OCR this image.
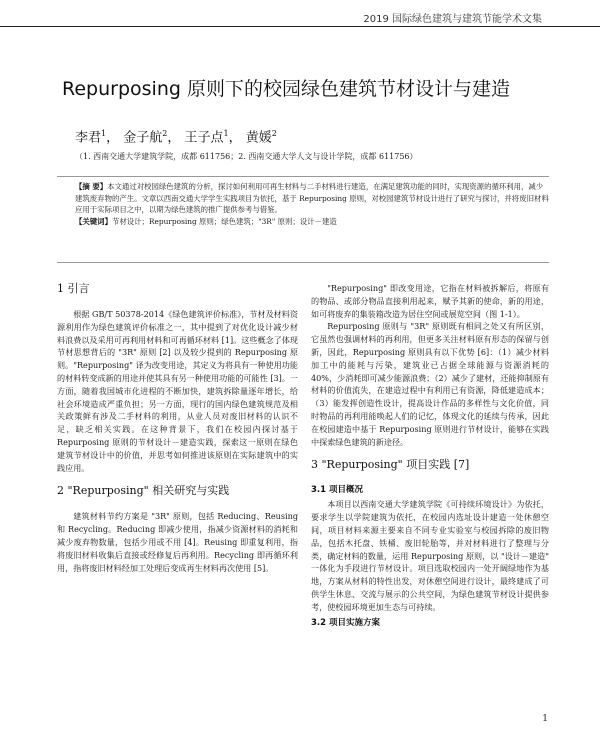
2019 国际绿色建筑与建筑节能学术文集
Repurposing 原则下的校园绿色建筑节材设计与建造
李君$^1$， 金子航$^2$， 王子点$^1$， 黄媛$^2$
（1. 西南交通大学建筑学院，成都 611756；2. 西南交通大学人文与设计学院，成都 611756）
【摘 要】本文通过对校园绿色建筑的分析，探讨如何利用可再生材料与二手材料进行建造，在满足建筑功能的同时，实现资源的循环利用，减少建筑废弃物的产生。文章以西南交通大学学生实践项目为依托，基于 Repurposing 原则，对校园建筑节材设计进行了研究与探讨，并将废旧材料应用于实际项目之中，以期为绿色建筑的推广提供参考与借鉴。
【关键词】节材设计；Repurposing 原则；绿色建筑；"3R" 原则；设计－建造
1 引言

根据 GB/T 50378-2014《绿色建筑评价标准》，节材及材料资源利用作为绿色建筑评价标准之一，其中提到了对优化设计减少材料浪费以及采用可再利用材料和可再循环材料 [1]。这些概念了体现节材思想背后的 "3R" 原则 [2] 以及较少提到的 Repurposing 原则。"Repurposing" 译为改变用途，其定义为将具有一种使用功能的材料转变成新的用途并使其具有另一种使用功能的可能性 [3]。一方面，随着我国城市化进程的不断加快，建筑拆除量逐年增长，给社会环境造成严重负担；另一方面，现行的国内绿色建筑规范及相关政策鲜有涉及二手材料的利用，从业人员对废旧材料的认识不足，缺乏相关实践。在这种背景下，我们在校园内探讨基于 Repurposing 原则的节材设计－建造实践，探索这一原则在绿色建筑节材设计中的价值，并思考如何推进该原则在实际建筑中的实践应用。

2 "Repurposing" 相关研究与实践

建筑材料节约方案是 "3R" 原则，包括 Reducing、Reusing 和 Recycling。Reducing 即减少使用，指减少资源材料的消耗和减少废弃物数量，包括少用或不用 [4]。Reusing 即重复利用，指将废旧材料收集后直接或经修复后再利用。Recycling 即再循环利用，指将废旧材料经加工处理后变成再生材料再次使用 [5]。

"Repurposing" 即改变用途，它指在材料被拆解后，将原有的物品、或部分物品直接利用起来，赋予其新的使命，新的用途，如可将废弃的集装箱改造为居住空间或展览空间（图 1-1）。

Repurposing 原则与 "3R" 原则既有相同之处又有所区别，它虽然也强调材料的再利用，但更多关注材料原有形态的保留与创新，因此，Repurposing 原则具有以下优势 [6]：（1）减少材料加工中的能耗与污染，建筑业已占据全球能源与资源消耗的 40%，少消耗即可减少能源浪费；（2）减少了建材，还能抑制原有材料的价值流失，在建造过程中有利用已有资源，降低建造成本；（3）能发挥创造性设计，提高设计作品的多样性与文化价值，同时物品的再利用能唤起人们的记忆，体现文化的延续与传承，因此在校园建造中基于 Repurposing 原则进行节材设计，能够在实践中探索绿色建筑的新途径。

3 "Repurposing" 项目实践 [7]
3.1 项目概况

本项目以西南交通大学建筑学院《可持续环境设计》为依托，要求学生以学院建筑为依托，在校园内选址设计建造一处休憩空间，项目材料来源主要来自不同专业实验室与校园拆除的废旧物品，包括木托盘、铁桶、废旧轮胎等，并对材料进行了整理与分类，确定材料的数量，运用 Repurposing 原则，以 "设计－建造" 一体化为手段进行节材设计。项目选取校园内一处开阔绿地作为基地，方案从材料的特性出发，对休憩空间进行设计，最终建成了可供学生休息、交流与展示的公共空间，为绿色建筑节材设计提供参考，使校园环境更加生态与可持续。

3.2 项目实施方案
1
